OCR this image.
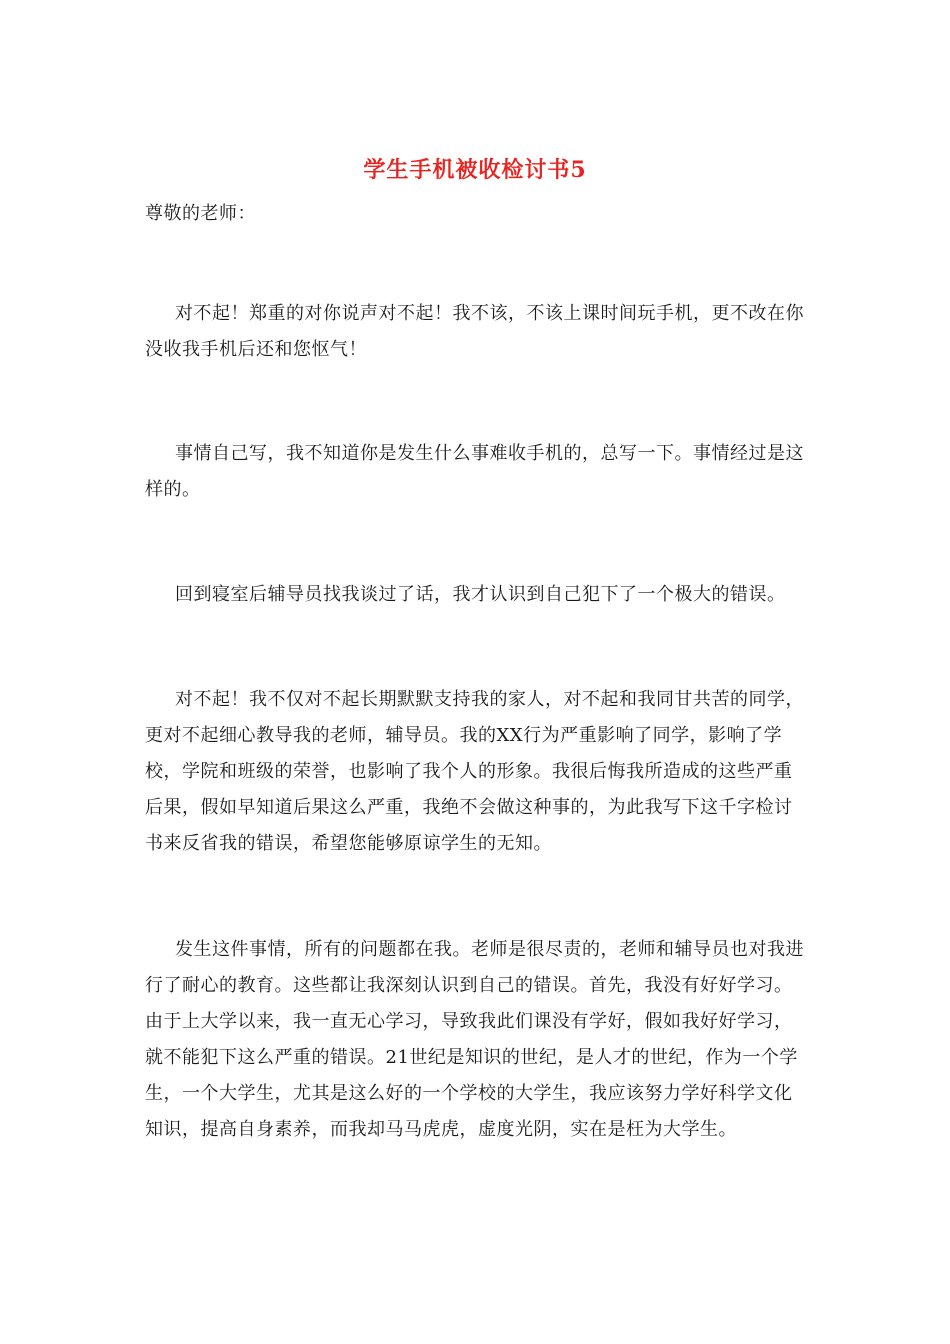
学生手机被收检讨书5
尊敬的老师：

对不起！郑重的对你说声对不起！我不该，不该上课时间玩手机，更不改在你没收我手机后还和您怄气！

事情自己写，我不知道你是发生什么事难收手机的，总写一下。事情经过是这样的。

回到寝室后辅导员找我谈过了话，我才认识到自己犯下了一个极大的错误。

对不起！我不仅对不起长期默默支持我的家人，对不起和我同甘共苦的同学，更对不起细心教导我的老师，辅导员。我的XX行为严重影响了同学，影响了学校，学院和班级的荣誉，也影响了我个人的形象。我很后悔我所造成的这些严重后果，假如早知道后果这么严重，我绝不会做这种事的，为此我写下这千字检讨书来反省我的错误，希望您能够原谅学生的无知。

发生这件事情，所有的问题都在我。老师是很尽责的，老师和辅导员也对我进行了耐心的教育。这些都让我深刻认识到自己的错误。首先，我没有好好学习。由于上大学以来，我一直无心学习，导致我此们课没有学好，假如我好好学习，就不能犯下这么严重的错误。21世纪是知识的世纪，是人才的世纪，作为一个学生，一个大学生，尤其是这么好的一个学校的大学生，我应该努力学好科学文化知识，提高自身素养，而我却马马虎虎，虚度光阴，实在是枉为大学生。
